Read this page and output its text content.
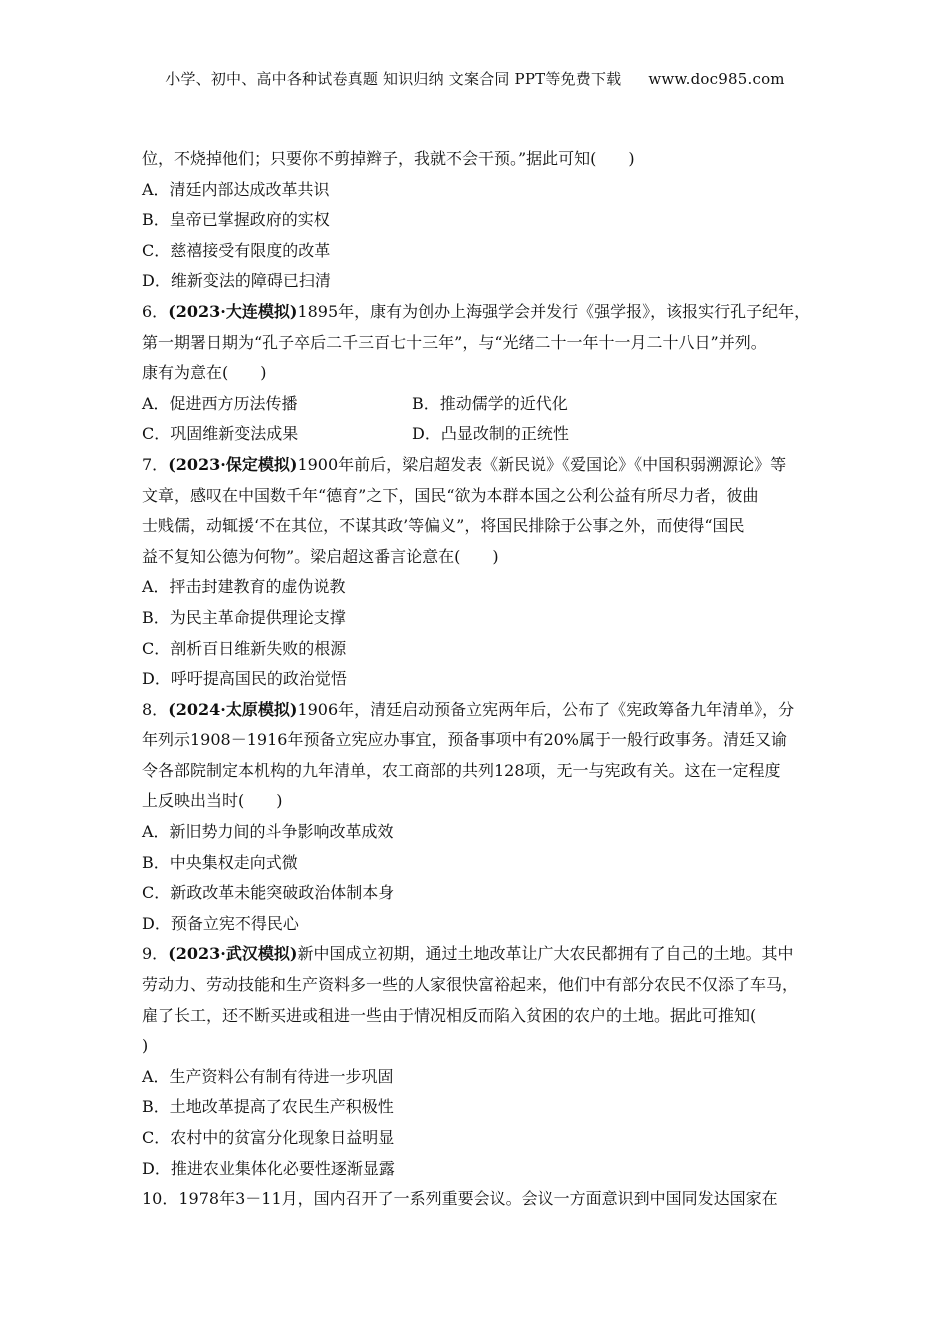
小学、初中、高中各种试卷真题 知识归纳 文案合同 PPT等免费下载 www.doc985.com
位，不烧掉他们；只要你不剪掉辫子，我就不会干预。”据此可知(　　)
A．清廷内部达成改革共识
B．皇帝已掌握政府的实权
C．慈禧接受有限度的改革
D．维新变法的障碍已扫清
6．(2023·大连模拟)1895年，康有为创办上海强学会并发行《强学报》，该报实行孔子纪年，
第一期署日期为“孔子卒后二千三百七十三年”，与“光绪二十一年十一月二十八日”并列。
康有为意在(　　)
A．促进西方历法传播	B．推动儒学的近代化
C．巩固维新变法成果	D．凸显改制的正统性
7．(2023·保定模拟)1900年前后，梁启超发表《新民说》《爱国论》《中国积弱溯源论》等
文章，感叹在中国数千年“德育”之下，国民“欲为本群本国之公利公益有所尽力者，彼曲
士贱儒，动辄援‘不在其位，不谋其政’等偏义”，将国民排除于公事之外，而使得“国民
益不复知公德为何物”。梁启超这番言论意在(　　)
A．抨击封建教育的虚伪说教
B．为民主革命提供理论支撑
C．剖析百日维新失败的根源
D．呼吁提高国民的政治觉悟
8．(2024·太原模拟)1906年，清廷启动预备立宪两年后，公布了《宪政筹备九年清单》，分
年列示1908－1916年预备立宪应办事宜，预备事项中有20%属于一般行政事务。清廷又谕
令各部院制定本机构的九年清单，农工商部的共列128项，无一与宪政有关。这在一定程度
上反映出当时(　　)
A．新旧势力间的斗争影响改革成效
B．中央集权走向式微
C．新政改革未能突破政治体制本身
D．预备立宪不得民心
9．(2023·武汉模拟)新中国成立初期，通过土地改革让广大农民都拥有了自己的土地。其中
劳动力、劳动技能和生产资料多一些的人家很快富裕起来，他们中有部分农民不仅添了车马，
雇了长工，还不断买进或租进一些由于情况相反而陷入贫困的农户的土地。据此可推知(
)
A．生产资料公有制有待进一步巩固
B．土地改革提高了农民生产积极性
C．农村中的贫富分化现象日益明显
D．推进农业集体化必要性逐渐显露
10．1978年3－11月，国内召开了一系列重要会议。会议一方面意识到中国同发达国家在
